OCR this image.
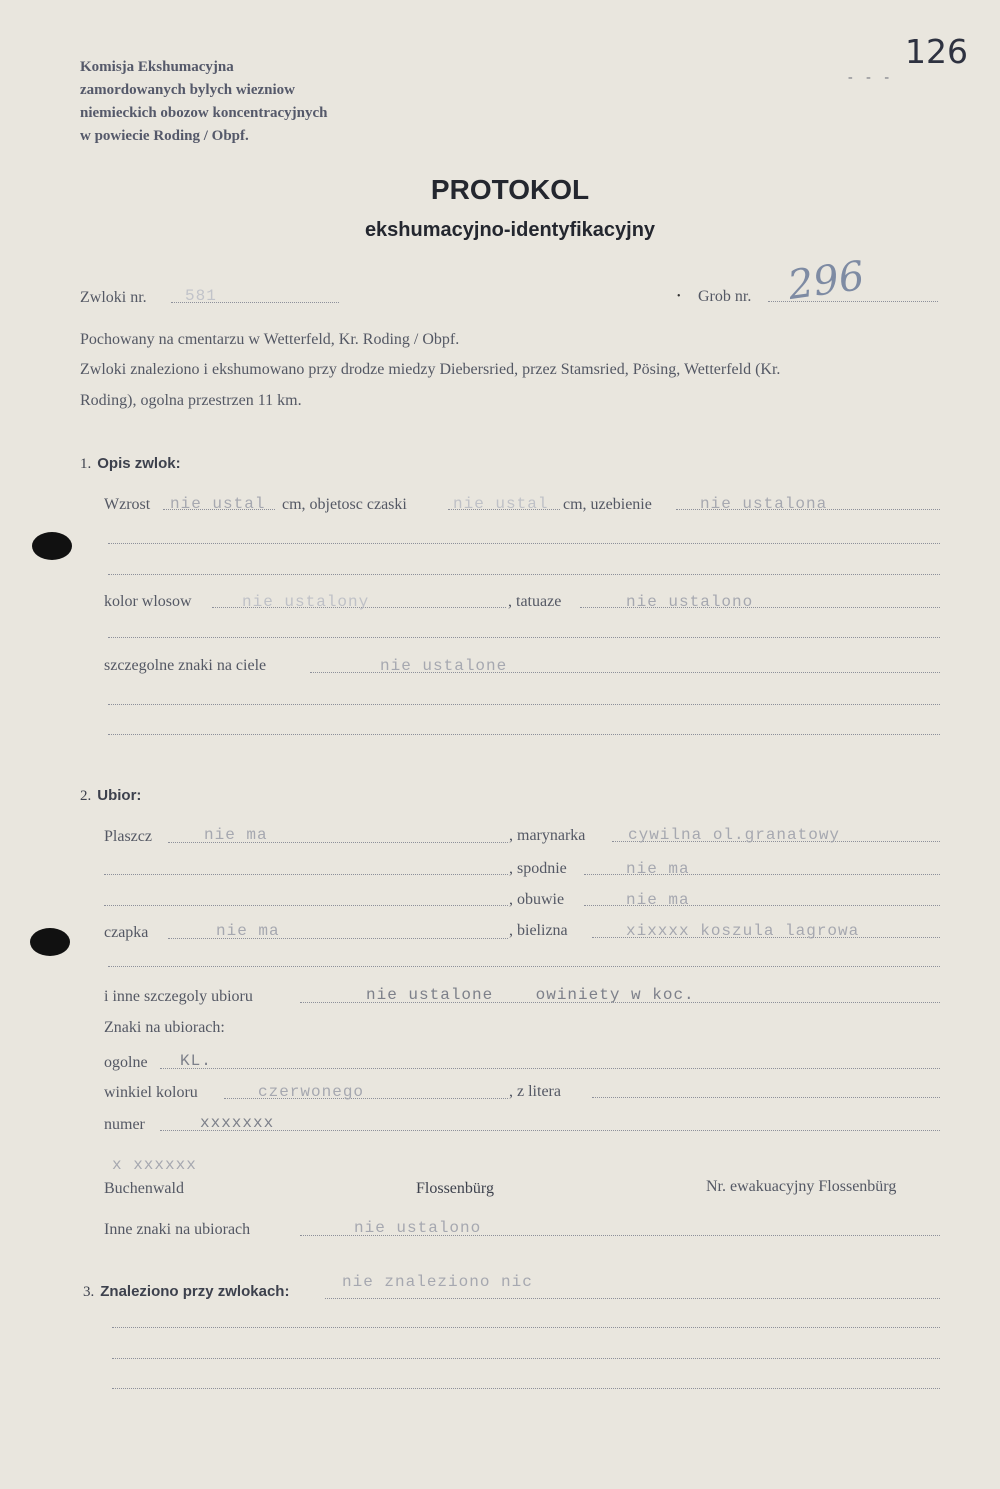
Komisja Ekshumacyjna
zamordowanych bylych wiezniow
niemieckich obozow koncentracyjnych
w powiecie Roding / Obpf.
126
- - -
PROTOKOL
ekshumacyjno-identyfikacyjny
Zwloki nr. 581	• Grob nr. 296
Pochowany na cmentarzu w Wetterfeld, Kr. Roding / Obpf.
Zwloki znaleziono i ekshumowano przy drodze miedzy Diebersried, przez Stamsried, Pösing, Wetterfeld (Kr.
Roding), ogolna przestrzen 11 km.
1. Opis zwlok:
Wzrost nie ustal cm, objetosc czaski	nie ustal cm, uzebienie	nie ustalona
kolor wlosow	nie ustalony	, tatuaze	nie ustalono
szczegolne znaki na ciele	nie ustalone
2. Ubior:
Plaszcz	nie ma	, marynarka	cywilna ol.granatowy
, spodnie	nie ma
, obuwie	nie ma
czapka	nie ma	, bielizna	xixxxx koszula lagrowa
i inne szczegoly ubioru	nie ustalone    owiniety w koc.
Znaki na ubiorach:
ogolne KL.
winkiel koloru	czerwonego	, z litera
numer	xxxxxxx
x xxxxxx
Buchenwald	Flossenbürg	Nr. ewakuacyjny Flossenbürg
Inne znaki na ubiorach	nie ustalono
3. Znaleziono przy zwlokach:
nie znaleziono nic
